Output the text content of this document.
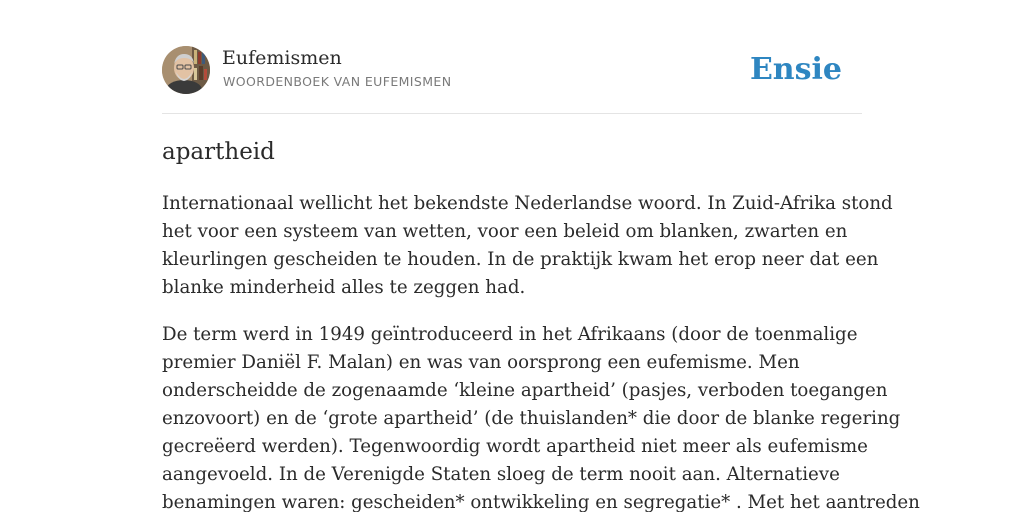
Eufemismen
WOORDENBOEK VAN EUFEMISMEN	Ensie
apartheid
Internationaal wellicht het bekendste Nederlandse woord. In Zuid-Afrika stond
het voor een systeem van wetten, voor een beleid om blanken, zwarten en
kleurlingen gescheiden te houden. In de praktijk kwam het erop neer dat een
blanke minderheid alles te zeggen had.
De term werd in 1949 geïntroduceerd in het Afrikaans (door de toenmalige
premier Daniël F. Malan) en was van oorsprong een eufemisme. Men
onderscheidde de zogenaamde ‘kleine apartheid’ (pasjes, verboden toegangen
enzovoort) en de ‘grote apartheid’ (de thuislanden* die door de blanke regering
gecreëerd werden). Tegenwoordig wordt apartheid niet meer als eufemisme
aangevoeld. In de Verenigde Staten sloeg de term nooit aan. Alternatieve
benamingen waren: gescheiden* ontwikkeling en segregatie* . Met het aantreden
